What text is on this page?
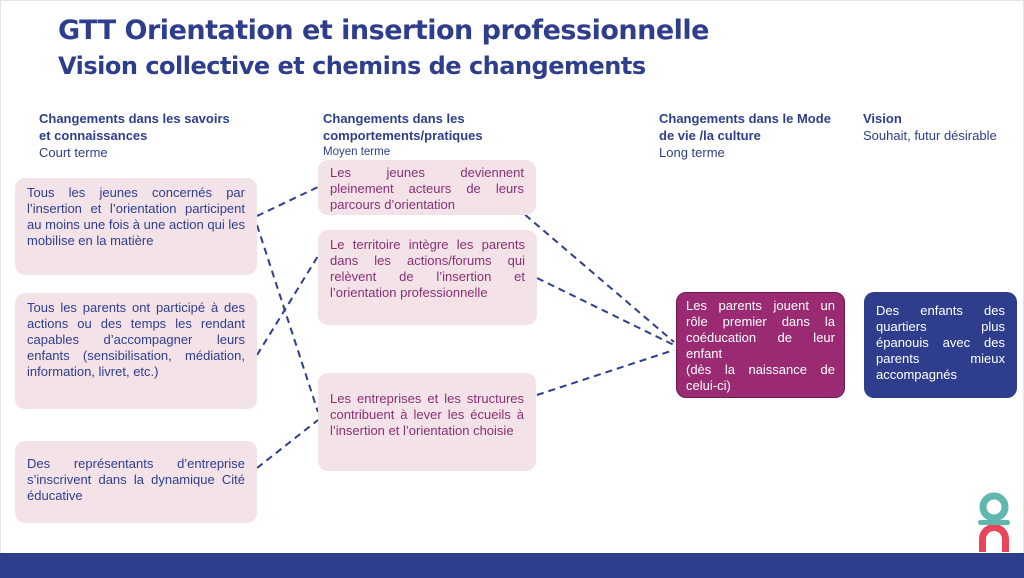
GTT Orientation et insertion professionnelle
Vision collective et chemins de changements
Changements dans les savoirs et connaissances
Court terme
Changements dans les comportements/pratiques
Moyen terme
Changements dans le Mode de vie /la culture
Long terme
Vision
Souhait, futur désirable
Tous les jeunes concernés par l’insertion et l’orientation participent au moins une fois à une action qui les mobilise en la matière
Tous les parents ont participé à des actions ou des temps les rendant capables d’accompagner leurs enfants (sensibilisation, médiation, information, livret, etc.)
Des représentants d’entreprise s’inscrivent dans la dynamique Cité éducative
Les jeunes deviennent pleinement acteurs de leurs parcours d’orientation
Le territoire intègre les parents dans les actions/forums qui relèvent de l’insertion et l’orientation professionnelle
Les entreprises et les structures contribuent à lever les écueils à l’insertion et l’orientation choisie
Les parents jouent un rôle premier dans la coéducation de leur enfant
(dès la naissance de celui-ci)
Des enfants des quartiers plus épanouis avec des parents mieux accompagnés
